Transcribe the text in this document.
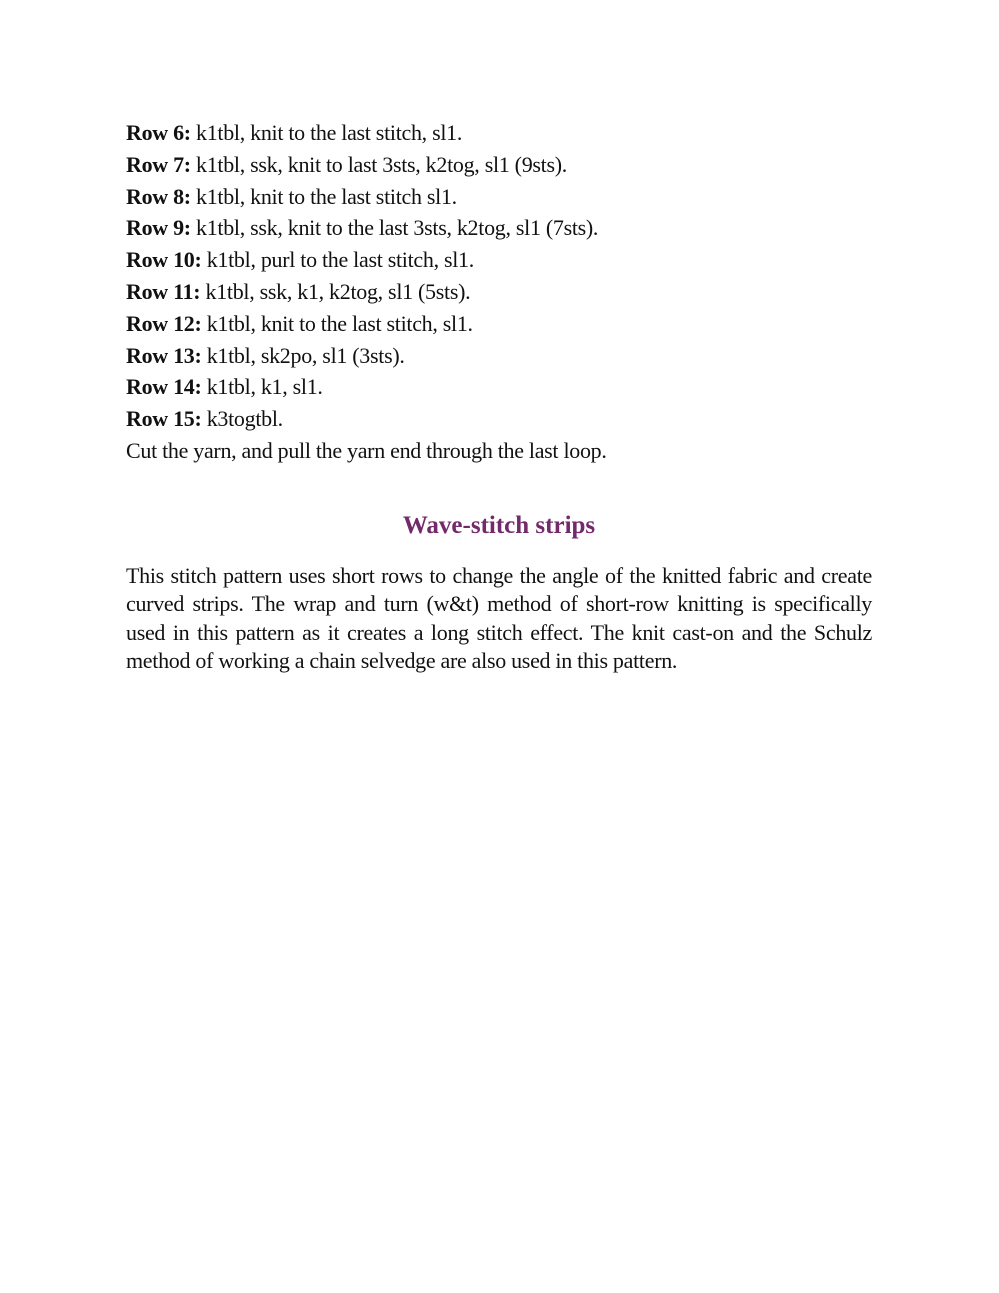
Row 6: k1tbl, knit to the last stitch, sl1.
Row 7: k1tbl, ssk, knit to last 3sts, k2tog, sl1 (9sts).
Row 8: k1tbl, knit to the last stitch sl1.
Row 9: k1tbl, ssk, knit to the last 3sts, k2tog, sl1 (7sts).
Row 10: k1tbl, purl to the last stitch, sl1.
Row 11: k1tbl, ssk, k1, k2tog, sl1 (5sts).
Row 12: k1tbl, knit to the last stitch, sl1.
Row 13: k1tbl, sk2po, sl1 (3sts).
Row 14: k1tbl, k1, sl1.
Row 15: k3togtbl.
Cut the yarn, and pull the yarn end through the last loop.
Wave-stitch strips

This stitch pattern uses short rows to change the angle of the knitted fabric and create curved strips. The wrap and turn (w&t) method of short-row knitting is specifically used in this pattern as it creates a long stitch effect. The knit cast-on and the Schulz method of working a chain selvedge are also used in this pattern.
